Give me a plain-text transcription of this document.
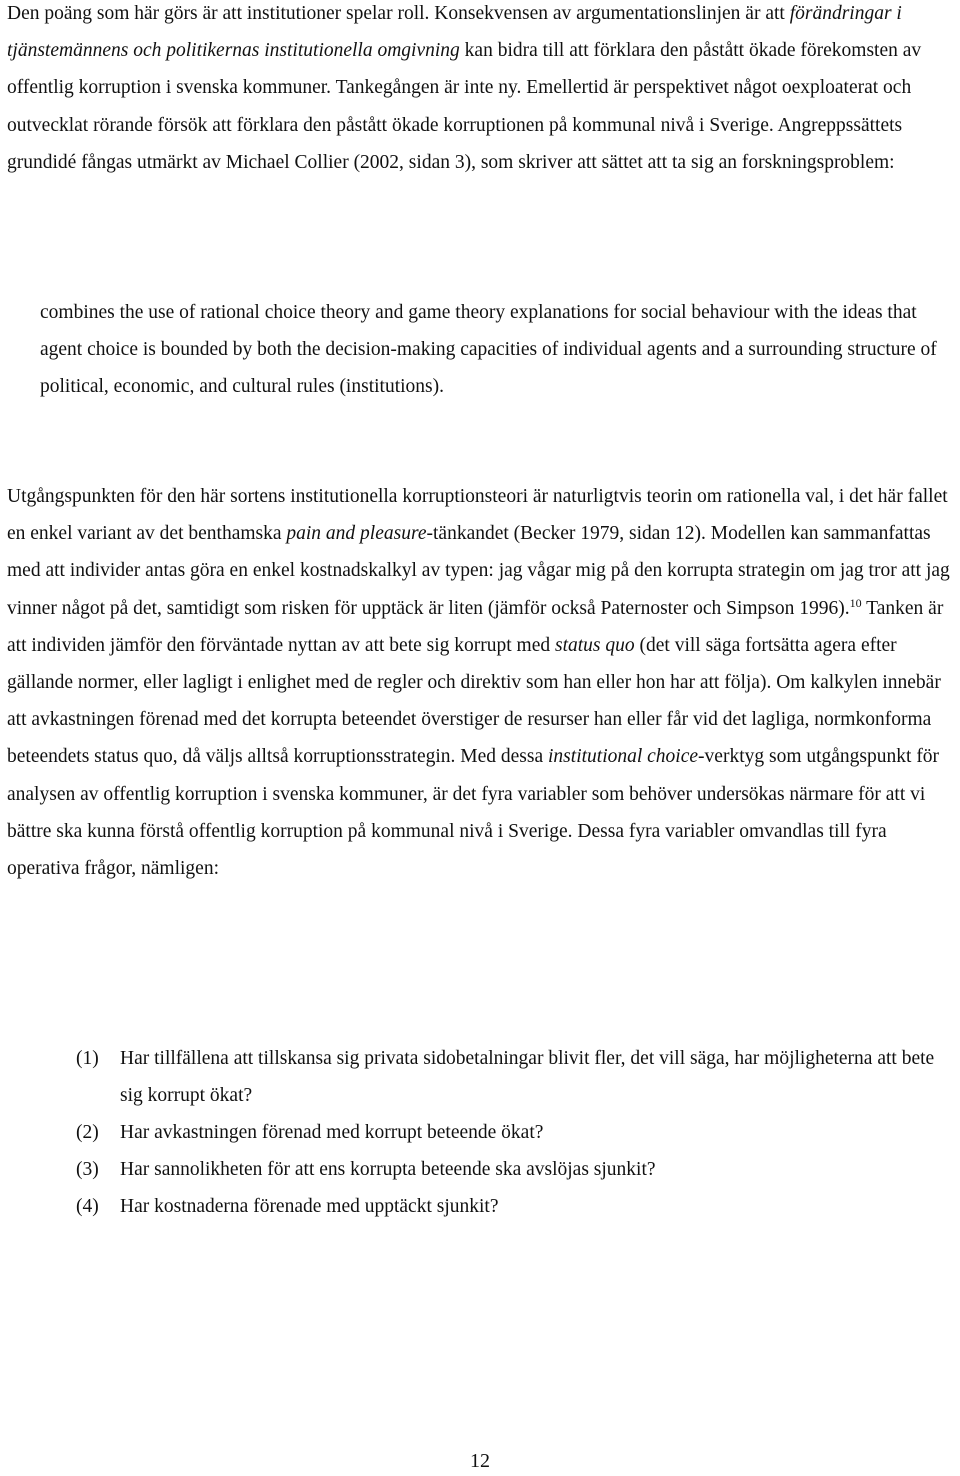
Den poäng som här görs är att institutioner spelar roll. Konsekvensen av argumentationslinjen är att förändringar i tjänstemännens och politikernas institutionella omgivning kan bidra till att förklara den påstått ökade förekomsten av offentlig korruption i svenska kommuner. Tankegången är inte ny. Emellertid är perspektivet något oexploaterat och outvecklat rörande försök att förklara den påstått ökade korruptionen på kommunal nivå i Sverige. Angreppssättets grundidé fångas utmärkt av Michael Collier (2002, sidan 3), som skriver att sättet att ta sig an forskningsproblem:

combines the use of rational choice theory and game theory explanations for social behaviour with the ideas that agent choice is bounded by both the decision-making capacities of individual agents and a surrounding structure of political, economic, and cultural rules (institutions).

Utgångspunkten för den här sortens institutionella korruptionsteori är naturligtvis teorin om rationella val, i det här fallet en enkel variant av det benthamska pain and pleasure-tänkandet (Becker 1979, sidan 12). Modellen kan sammanfattas med att individer antas göra en enkel kostnadskalkyl av typen: jag vågar mig på den korrupta strategin om jag tror att jag vinner något på det, samtidigt som risken för upptäck är liten (jämför också Paternoster och Simpson 1996).$^{10}$ Tanken är att individen jämför den förväntade nyttan av att bete sig korrupt med status quo (det vill säga fortsätta agera efter gällande normer, eller lagligt i enlighet med de regler och direktiv som han eller hon har att följa). Om kalkylen innebär att avkastningen förenad med det korrupta beteendet överstiger de resurser han eller får vid det lagliga, normkonforma beteendets status quo, då väljs alltså korruptionsstrategin. Med dessa institutional choice-verktyg som utgångspunkt för analysen av offentlig korruption i svenska kommuner, är det fyra variabler som behöver undersökas närmare för att vi bättre ska kunna förstå offentlig korruption på kommunal nivå i Sverige. Dessa fyra variabler omvandlas till fyra operativa frågor, nämligen:

(1) Har tillfällena att tillskansa sig privata sidobetalningar blivit fler, det vill säga, har möjligheterna att bete sig korrupt ökat?
(2) Har avkastningen förenad med korrupt beteende ökat?
(3) Har sannolikheten för att ens korrupta beteende ska avslöjas sjunkit?
(4) Har kostnaderna förenade med upptäckt sjunkit?
12
